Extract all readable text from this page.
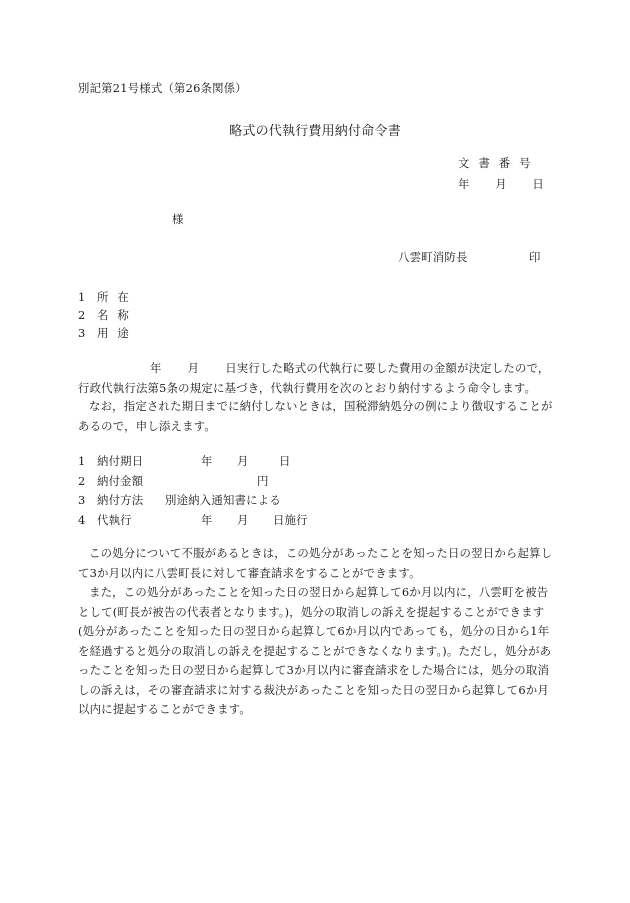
別記第21号様式（第26条関係）
略式の代執行費用納付命令書
文書番号
年 月 日
様
八雲町消防長	印
1	所在
2	名称
3	用途
年 月 日実行した略式の代執行に要した費用の金額が決定したので，行政代執行法第5条の規定に基づき，代執行費用を次のとおり納付するよう命令します。
なお，指定された期日までに納付しないときは，国税滞納処分の例により徴収することがあるので，申し添えます。
1	納付期日	年	月	日
2	納付金額	円
3	納付方法	別途納入通知書による
4	代執行	年	月	日施行

この処分について不服があるときは，この処分があったことを知った日の翌日から起算して3か月以内に八雲町長に対して審査請求をすることができます。

また，この処分があったことを知った日の翌日から起算して6か月以内に，八雲町を被告として(町長が被告の代表者となります。)，処分の取消しの訴えを提起することができます(処分があったことを知った日の翌日から起算して6か月以内であっても，処分の日から1年を経過すると処分の取消しの訴えを提起することができなくなります。)。ただし，処分があったことを知った日の翌日から起算して3か月以内に審査請求をした場合には，処分の取消しの訴えは，その審査請求に対する裁決があったことを知った日の翌日から起算して6か月以内に提起することができます。
